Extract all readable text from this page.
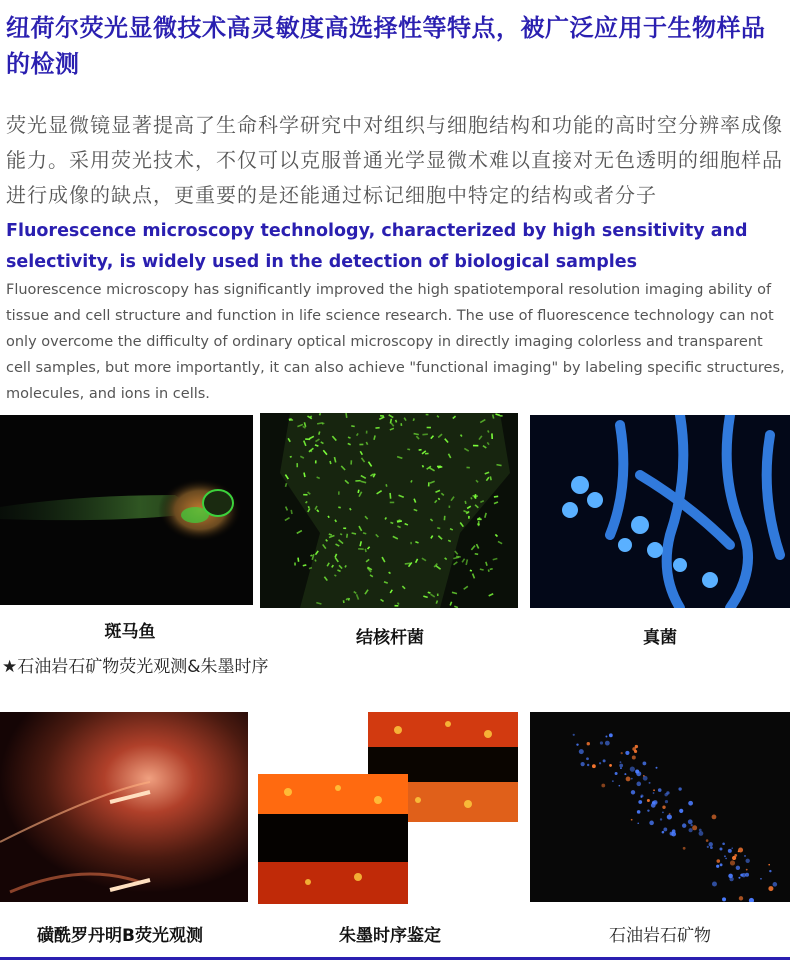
纽荷尔荧光显微技术高灵敏度高选择性等特点，被广泛应用于生物样品的检测
荧光显微镜显著提高了生命科学研究中对组织与细胞结构和功能的高时空分辨率成像能力。采用荧光技术，不仅可以克服普通光学显微术难以直接对无色透明的细胞样品进行成像的缺点，更重要的是还能通过标记细胞中特定的结构或者分子
Fluorescence microscopy technology, characterized by high sensitivity and selectivity, is widely used in the detection of biological samples
Fluorescence microscopy has significantly improved the high spatiotemporal resolution imaging ability of tissue and cell structure and function in life science research. The use of fluorescence technology can not only overcome the difficulty of ordinary optical microscopy in directly imaging colorless and transparent cell samples, but more importantly, it can also achieve "functional imaging" by labeling specific structures, molecules, and ions in cells.
斑马鱼	结核杆菌	真菌
★石油岩石矿物荧光观测&朱墨时序
磺酰罗丹明B荧光观测	朱墨时序鉴定	石油岩石矿物
